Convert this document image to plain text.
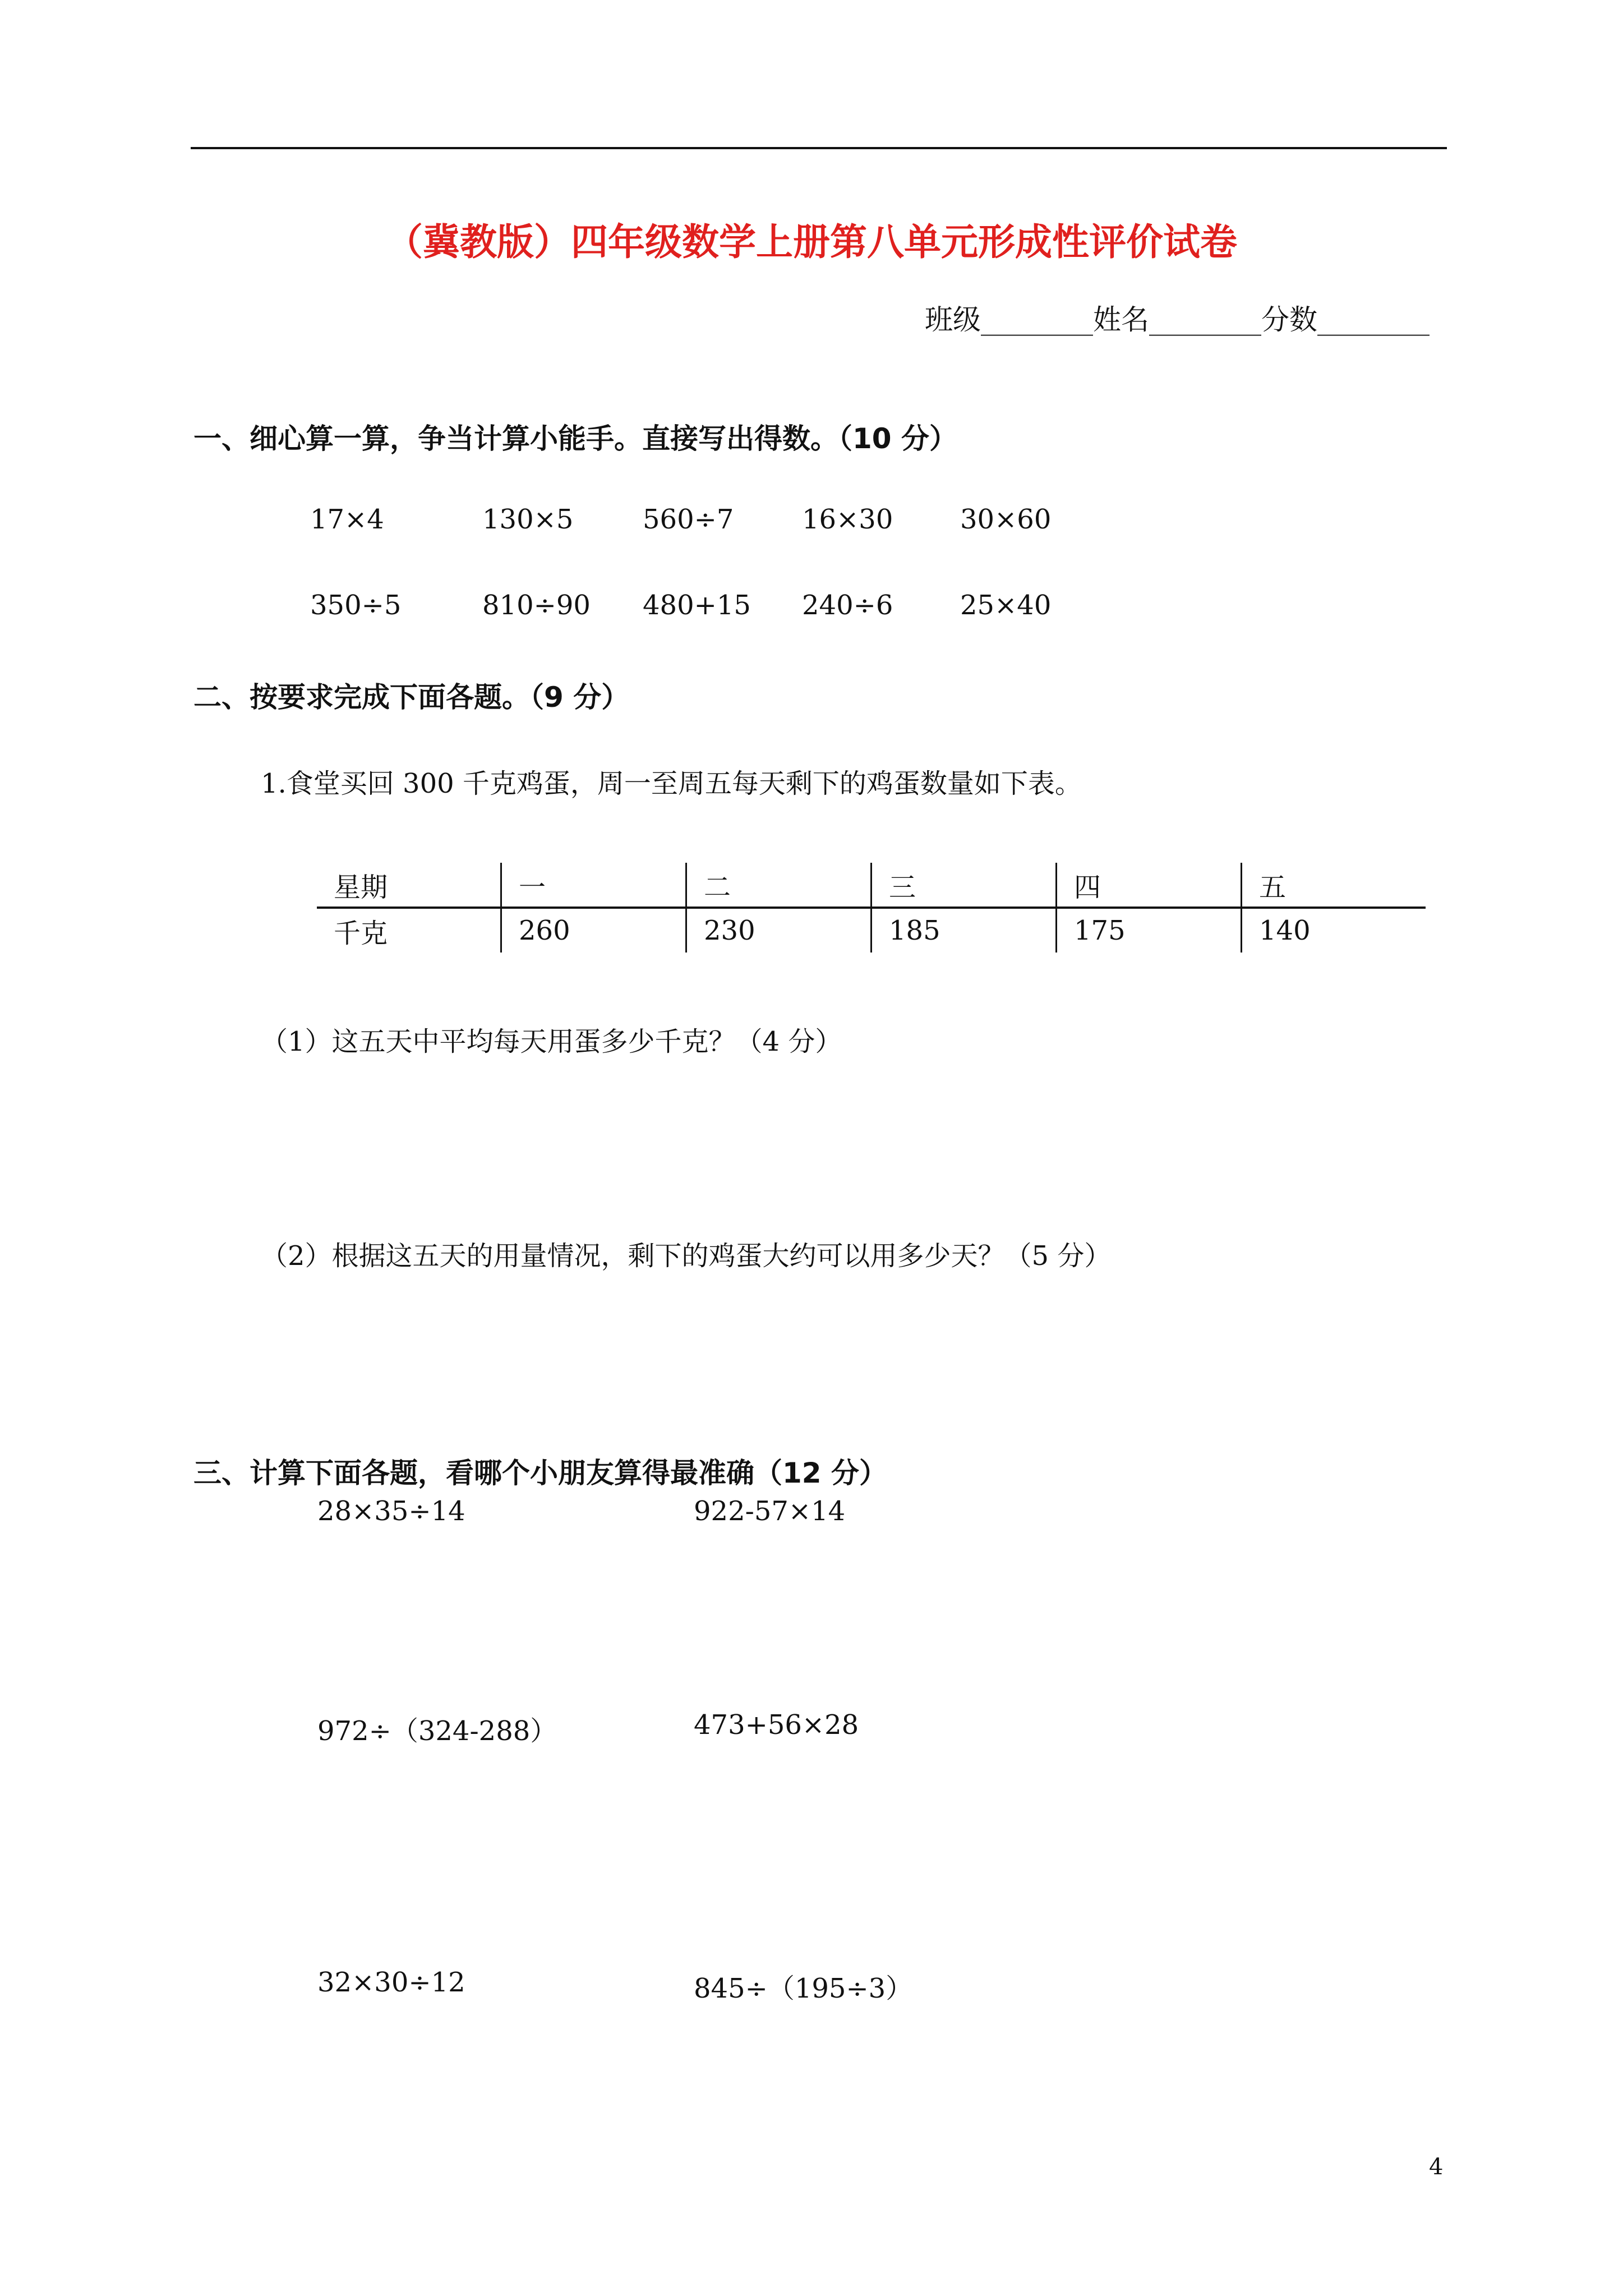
（冀教版）四年级数学上册第八单元形成性评价试卷
班级________姓名________分数________
一、细心算一算，争当计算小能手。直接写出得数。（10 分）
17×4	130×5	560÷7	16×30 30×60
350÷5	810÷90 480+15 240÷6 25×40
二、按要求完成下面各题。（9 分）
1.食堂买回 300 千克鸡蛋，周一至周五每天剩下的鸡蛋数量如下表。
星期	一	二	三	四	五
千克	260	230	185	175	140
（1）这五天中平均每天用蛋多少千克？（4 分）
（2）根据这五天的用量情况，剩下的鸡蛋大约可以用多少天？（5 分）
三、计算下面各题，看哪个小朋友算得最准确（12 分）
28×35÷14	922-57×14
972÷（324-288）	473+56×28
32×30÷12	845÷（195÷3）
4
